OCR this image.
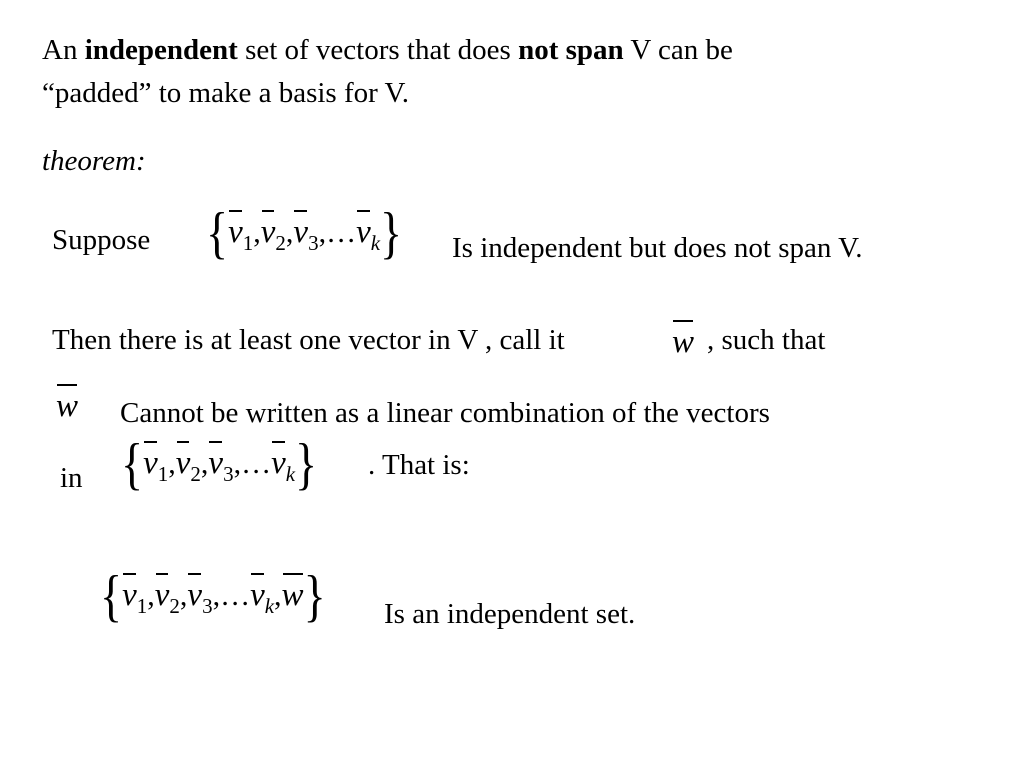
An independent set of vectors that does not span V can be
“padded” to make a basis for V.
theorem:
Suppose {v1,v2,v3,…vk} Is independent but does not span V.
Then there is at least one vector in V , call it	w , such that
w Cannot be written as a linear combination of the vectors
in {v1,v2,v3,…vk} . That is:
{v1,v2,v3,…vk,w} Is an independent set.
